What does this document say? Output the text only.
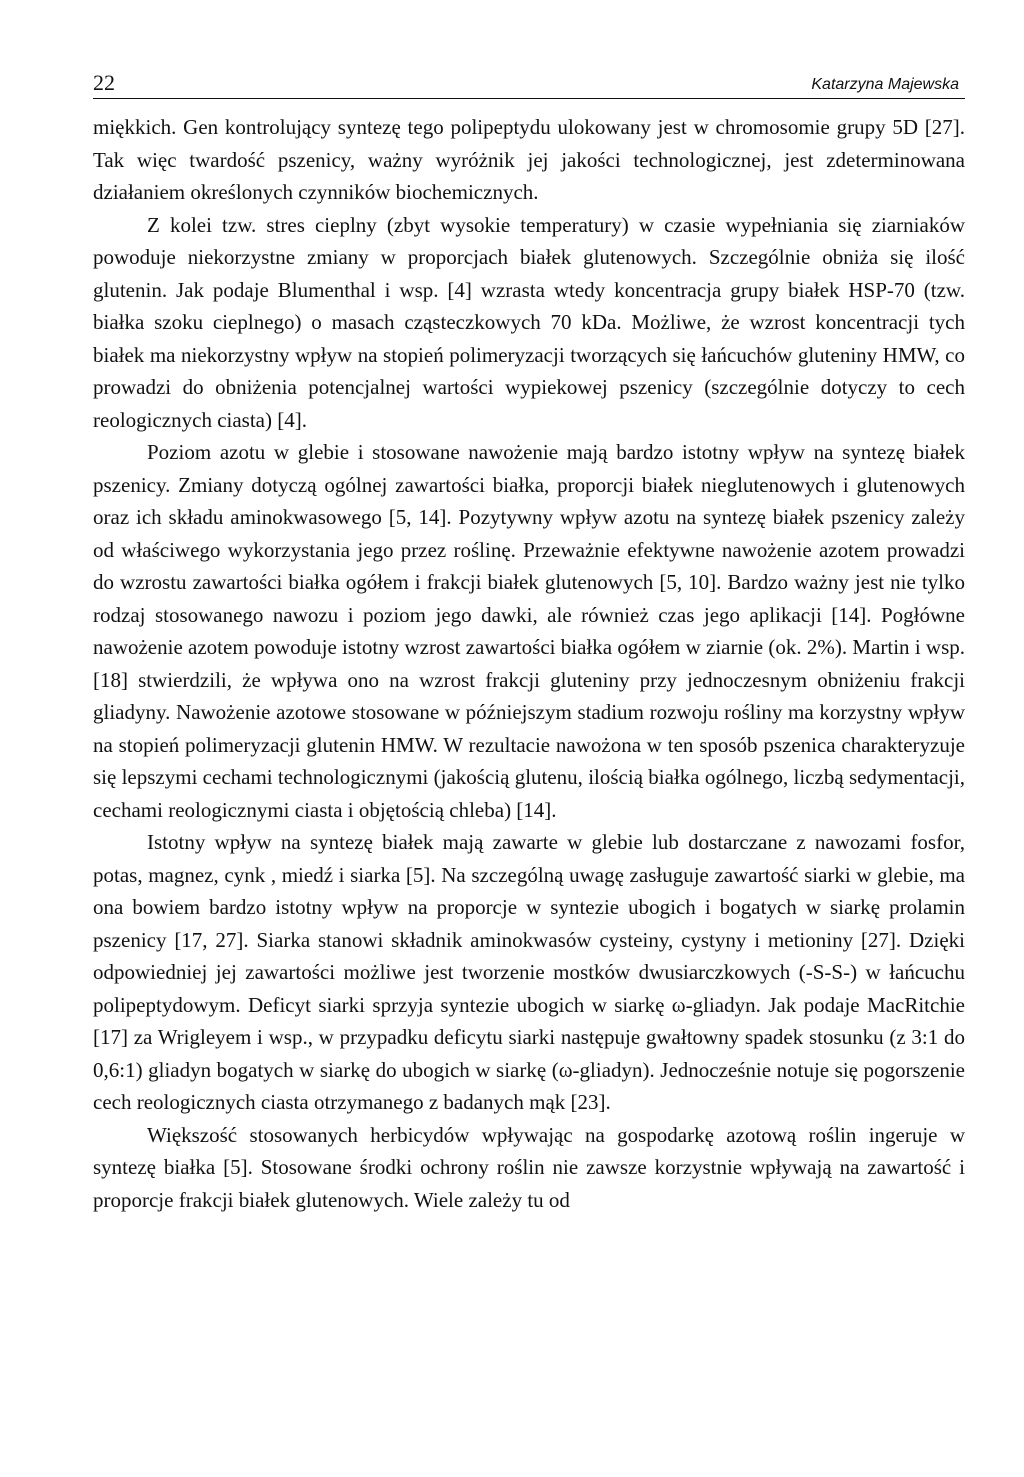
22	Katarzyna Majewska

miękkich. Gen kontrolujący syntezę tego polipeptydu ulokowany jest w chromosomie grupy 5D [27]. Tak więc twardość pszenicy, ważny wyróżnik jej jakości technologicznej, jest zdeterminowana działaniem określonych czynników biochemicznych.

Z kolei tzw. stres cieplny (zbyt wysokie temperatury) w czasie wypełniania się ziarniaków powoduje niekorzystne zmiany w proporcjach białek glutenowych. Szczególnie obniża się ilość glutenin. Jak podaje Blumenthal i wsp. [4] wzrasta wtedy koncentracja grupy białek HSP-70 (tzw. białka szoku cieplnego) o masach cząsteczkowych 70 kDa. Możliwe, że wzrost koncentracji tych białek ma niekorzystny wpływ na stopień polimeryzacji tworzących się łańcuchów gluteniny HMW, co prowadzi do obniżenia potencjalnej wartości wypiekowej pszenicy (szczególnie dotyczy to cech reologicznych ciasta) [4].

Poziom azotu w glebie i stosowane nawożenie mają bardzo istotny wpływ na syntezę białek pszenicy. Zmiany dotyczą ogólnej zawartości białka, proporcji białek nieglutenowych i glutenowych oraz ich składu aminokwasowego [5, 14]. Pozytywny wpływ azotu na syntezę białek pszenicy zależy od właściwego wykorzystania jego przez roślinę. Przeważnie efektywne nawożenie azotem prowadzi do wzrostu zawartości białka ogółem i frakcji białek glutenowych [5, 10]. Bardzo ważny jest nie tylko rodzaj stosowanego nawozu i poziom jego dawki, ale również czas jego aplikacji [14]. Pogłówne nawożenie azotem powoduje istotny wzrost zawartości białka ogółem w ziarnie (ok. 2%). Martin i wsp. [18] stwierdzili, że wpływa ono na wzrost frakcji gluteniny przy jednoczesnym obniżeniu frakcji gliadyny. Nawożenie azotowe stosowane w późniejszym stadium rozwoju rośliny ma korzystny wpływ na stopień polimeryzacji glutenin HMW. W rezultacie nawożona w ten sposób pszenica charakteryzuje się lepszymi cechami technologicznymi (jakością glutenu, ilością białka ogólnego, liczbą sedymentacji, cechami reologicznymi ciasta i objętością chleba) [14].

Istotny wpływ na syntezę białek mają zawarte w glebie lub dostarczane z nawozami fosfor, potas, magnez, cynk , miedź i siarka [5]. Na szczególną uwagę zasługuje zawartość siarki w glebie, ma ona bowiem bardzo istotny wpływ na proporcje w syntezie ubogich i bogatych w siarkę prolamin pszenicy [17, 27]. Siarka stanowi składnik aminokwasów cysteiny, cystyny i metioniny [27]. Dzięki odpowiedniej jej zawartości możliwe jest tworzenie mostków dwusiarczkowych (-S-S-) w łańcuchu polipeptydowym. Deficyt siarki sprzyja syntezie ubogich w siarkę ω-gliadyn. Jak podaje MacRitchie [17] za Wrigleyem i wsp., w przypadku deficytu siarki następuje gwałtowny spadek stosunku (z 3:1 do 0,6:1) gliadyn bogatych w siarkę do ubogich w siarkę (ω-gliadyn). Jednocześnie notuje się pogorszenie cech reologicznych ciasta otrzymanego z badanych mąk [23].

Większość stosowanych herbicydów wpływając na gospodarkę azotową roślin ingeruje w syntezę białka [5]. Stosowane środki ochrony roślin nie zawsze korzystnie wpływają na zawartość i proporcje frakcji białek glutenowych. Wiele zależy tu od
